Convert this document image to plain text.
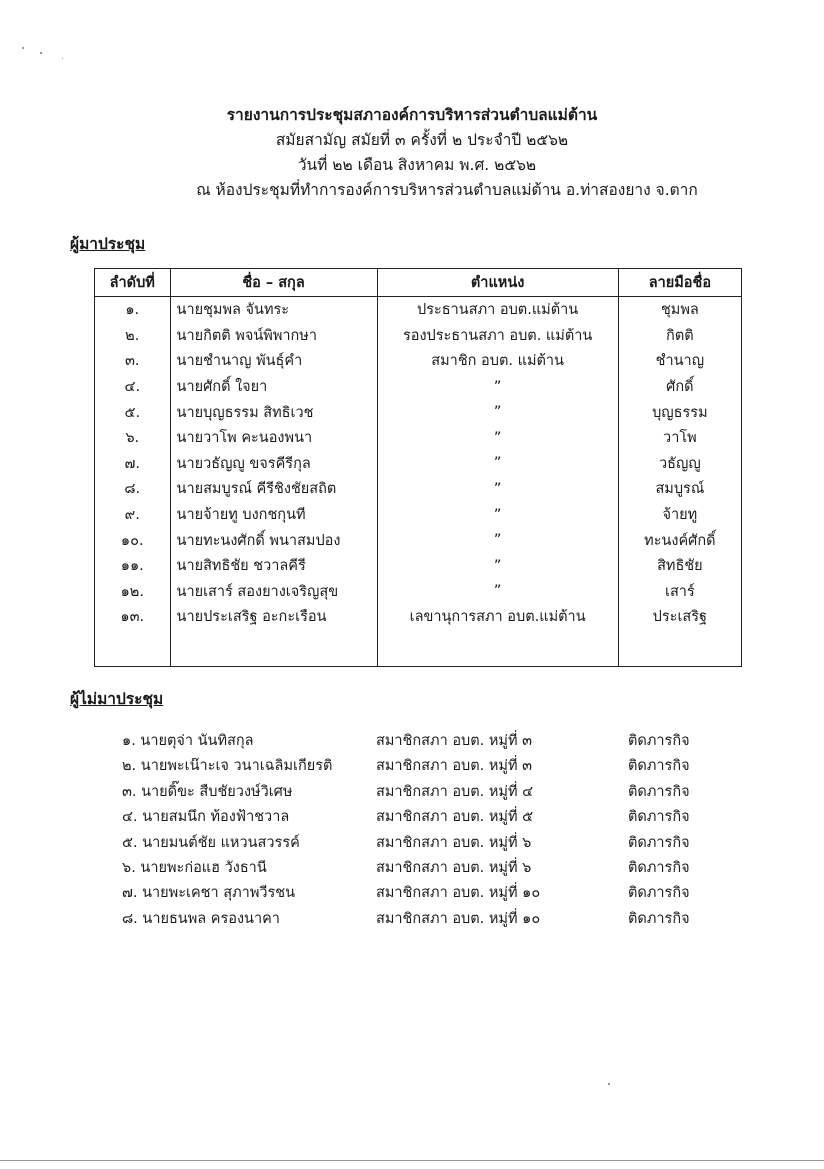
รายงานการประชุมสภาองค์การบริหารส่วนตำบลแม่ต้าน
สมัยสามัญ สมัยที่ ๓ ครั้งที่ ๒ ประจำปี ๒๕๖๒
วันที่ ๒๒ เดือน สิงหาคม พ.ศ. ๒๕๖๒
ณ ห้องประชุมที่ทำการองค์การบริหารส่วนตำบลแม่ต้าน อ.ท่าสองยาง จ.ตาก
ผู้มาประชุม
ลำดับที่	ชื่อ – สกุล	ตำแหน่ง	ลายมือชื่อ
๑.	นายชุมพล จันทระ	ประธานสภา อบต.แม่ต้าน	ชุมพล
๒.	นายกิตติ พจน์พิพากษา	รองประธานสภา อบต. แม่ต้าน	กิตติ
๓.	นายชำนาญ พันธุ์คำ	สมาชิก อบต. แม่ต้าน	ชำนาญ
๔.	นายศักดิ์ ใจยา	”	ศักดิ์
๕.	นายบุญธรรม สิทธิเวช	”	บุญธรรม
๖.	นายวาโพ คะนองพนา	”	วาโพ
๗.	นายวธัญญู ขจรคีรีกุล	”	วธัญญู
๘.	นายสมบูรณ์ คีรีชิงชัยสถิต	”	สมบูรณ์
๙.	นายจ้ายทู บงกชกุนที	”	จ้ายทู
๑๐.	นายทะนงศักดิ์ พนาสมปอง	”	ทะนงค์ศักดิ์
๑๑.	นายสิทธิชัย ชวาลคีรี	”	สิทธิชัย
๑๒.	นายเสาร์ สองยางเจริญสุข	”	เสาร์
๑๓.	นายประเสริฐ อะกะเรือน	เลขานุการสภา อบต.แม่ต้าน	ประเสริฐ

ผู้ไม่มาประชุม
๑. นายตุจ่า นันทิสกุล	สมาชิกสภา อบต. หมู่ที่ ๓	ติดภารกิจ
๒. นายพะเน๊าะเจ วนาเฉลิมเกียรติ	สมาชิกสภา อบต. หมู่ที่ ๓	ติดภารกิจ
๓. นายดิ๊ขะ สืบชัยวงษ์วิเศษ	สมาชิกสภา อบต. หมู่ที่ ๔	ติดภารกิจ
๔. นายสมนึก ท้องฟ้าชวาล	สมาชิกสภา อบต. หมู่ที่ ๕	ติดภารกิจ
๕. นายมนต์ชัย แหวนสวรรค์	สมาชิกสภา อบต. หมู่ที่ ๖	ติดภารกิจ
๖. นายพะก่อแฮ วังธานี	สมาชิกสภา อบต. หมู่ที่ ๖	ติดภารกิจ
๗. นายพะเคชา สุภาพวีรชน	สมาชิกสภา อบต. หมู่ที่ ๑๐	ติดภารกิจ
๘. นายธนพล ครองนาคา	สมาชิกสภา อบต. หมู่ที่ ๑๐	ติดภารกิจ
